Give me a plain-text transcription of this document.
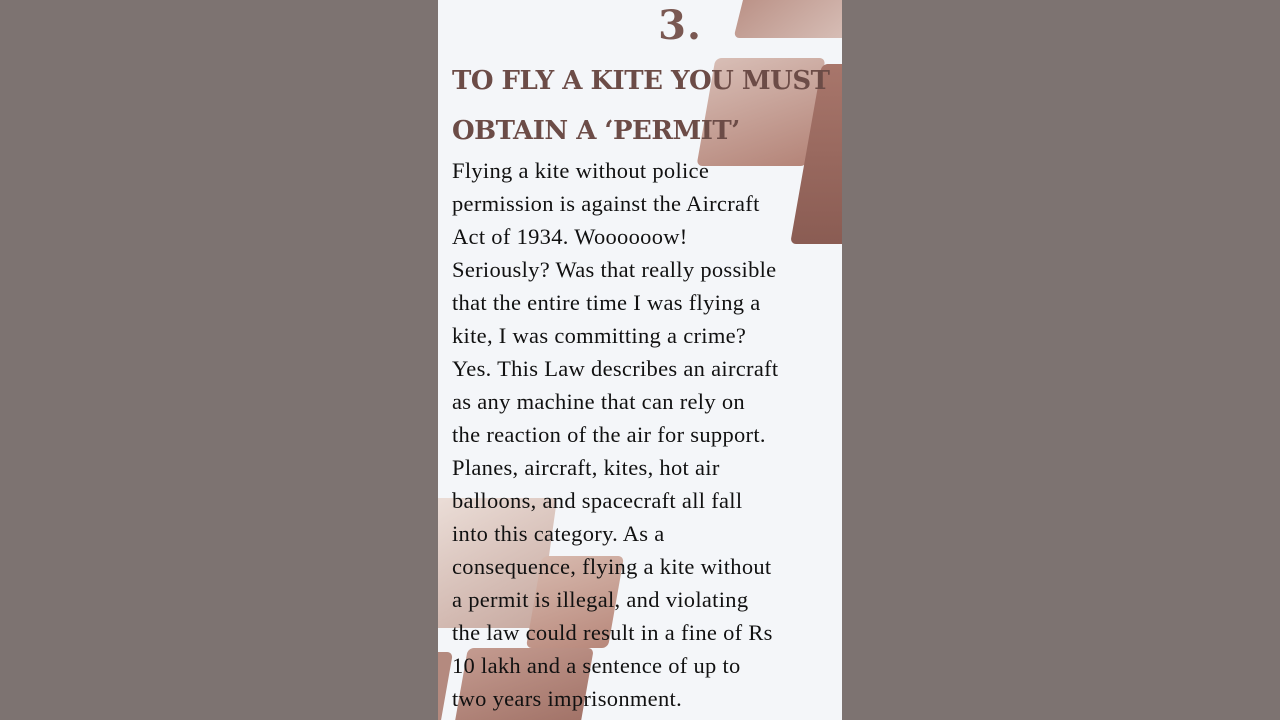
3.
TO FLY A KITE YOU MUST
OBTAIN A ‘PERMIT’

Flying a kite without police
permission is against the Aircraft
Act of 1934. Woooooow!
Seriously? Was that really possible
that the entire time I was flying a
kite, I was committing a crime?
Yes. This Law describes an aircraft
as any machine that can rely on
the reaction of the air for support.
Planes, aircraft, kites, hot air
balloons, and spacecraft all fall
into this category. As a
consequence, flying a kite without
a permit is illegal, and violating
the law could result in a fine of Rs
10 lakh and a sentence of up to
two years imprisonment.
